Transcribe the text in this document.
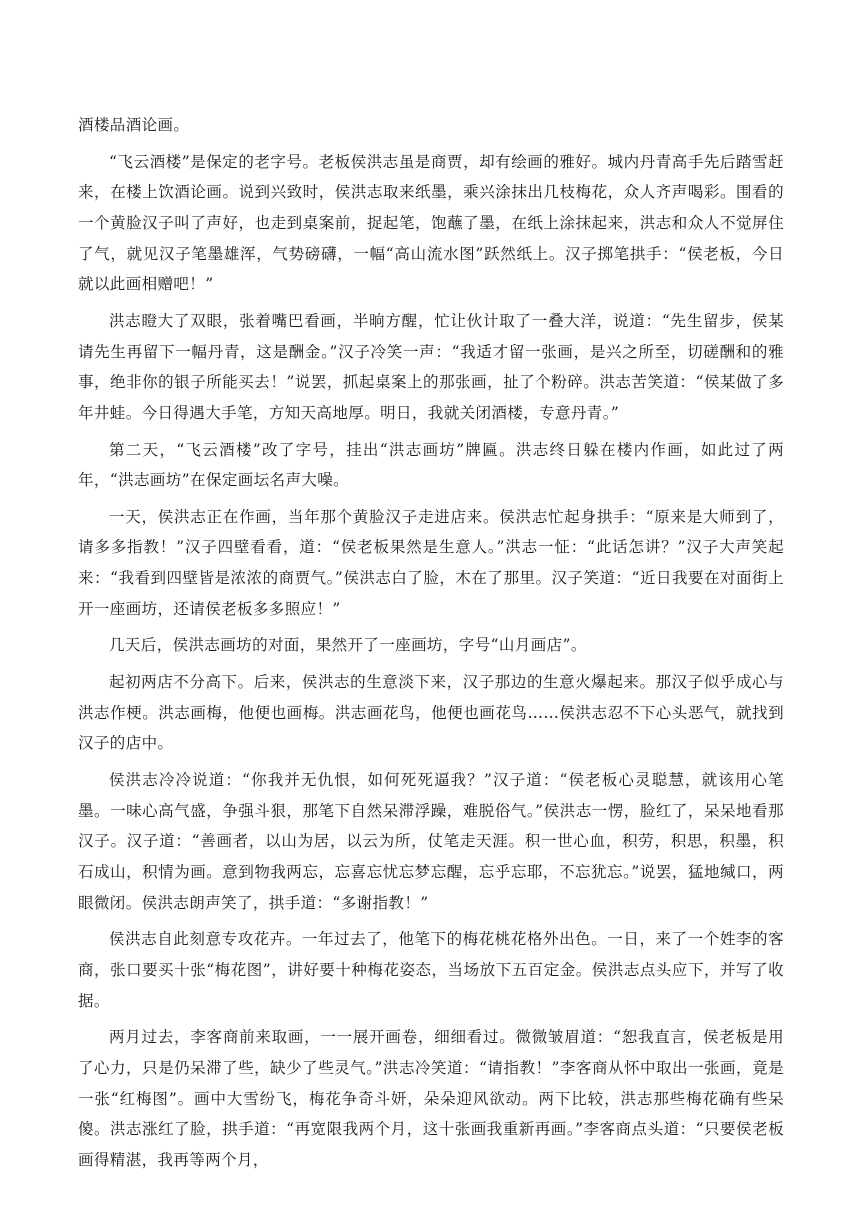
酒楼品酒论画。

“飞云酒楼”是保定的老字号。老板侯洪志虽是商贾，却有绘画的雅好。城内丹青高手先后踏雪赶来，在楼上饮酒论画。说到兴致时，侯洪志取来纸墨，乘兴涂抹出几枝梅花，众人齐声喝彩。围看的一个黄脸汉子叫了声好，也走到桌案前，捉起笔，饱蘸了墨，在纸上涂抹起来，洪志和众人不觉屏住了气，就见汉子笔墨雄浑，气势磅礴，一幅“高山流水图”跃然纸上。汉子掷笔拱手：“侯老板，今日就以此画相赠吧！”

洪志瞪大了双眼，张着嘴巴看画，半晌方醒，忙让伙计取了一叠大洋，说道：“先生留步，侯某请先生再留下一幅丹青，这是酬金。”汉子冷笑一声：“我适才留一张画，是兴之所至，切磋酬和的雅事，绝非你的银子所能买去！”说罢，抓起桌案上的那张画，扯了个粉碎。洪志苦笑道：“侯某做了多年井蛙。今日得遇大手笔，方知天高地厚。明日，我就关闭酒楼，专意丹青。”

第二天，“飞云酒楼”改了字号，挂出“洪志画坊”牌匾。洪志终日躲在楼内作画，如此过了两年，“洪志画坊”在保定画坛名声大噪。

一天，侯洪志正在作画，当年那个黄脸汉子走进店来。侯洪志忙起身拱手：“原来是大师到了，请多多指教！”汉子四壁看看，道：“侯老板果然是生意人。”洪志一怔：“此话怎讲？”汉子大声笑起来：“我看到四壁皆是浓浓的商贾气。”侯洪志白了脸，木在了那里。汉子笑道：“近日我要在对面街上开一座画坊，还请侯老板多多照应！”

几天后，侯洪志画坊的对面，果然开了一座画坊，字号“山月画店”。

起初两店不分高下。后来，侯洪志的生意淡下来，汉子那边的生意火爆起来。那汉子似乎成心与洪志作梗。洪志画梅，他便也画梅。洪志画花鸟，他便也画花鸟……侯洪志忍不下心头恶气，就找到汉子的店中。

侯洪志冷冷说道：“你我并无仇恨，如何死死逼我？”汉子道：“侯老板心灵聪慧，就该用心笔墨。一味心高气盛，争强斗狠，那笔下自然呆滞浮躁，难脱俗气。”侯洪志一愣，脸红了，呆呆地看那汉子。汉子道：“善画者，以山为居，以云为所，仗笔走天涯。积一世心血，积劳，积思，积墨，积石成山，积情为画。意到物我两忘，忘喜忘忧忘梦忘醒，忘乎忘耶，不忘犹忘。”说罢，猛地缄口，两眼微闭。侯洪志朗声笑了，拱手道：“多谢指教！”

侯洪志自此刻意专攻花卉。一年过去了，他笔下的梅花桃花格外出色。一日，来了一个姓李的客商，张口要买十张“梅花图”，讲好要十种梅花姿态，当场放下五百定金。侯洪志点头应下，并写了收据。

两月过去，李客商前来取画，一一展开画卷，细细看过。微微皱眉道：“恕我直言，侯老板是用了心力，只是仍呆滞了些，缺少了些灵气。”洪志冷笑道：“请指教！”李客商从怀中取出一张画，竟是一张“红梅图”。画中大雪纷飞，梅花争奇斗妍，朵朵迎风欲动。两下比较，洪志那些梅花确有些呆傻。洪志涨红了脸，拱手道：“再宽限我两个月，这十张画我重新再画。”李客商点头道：“只要侯老板画得精湛，我再等两个月，
